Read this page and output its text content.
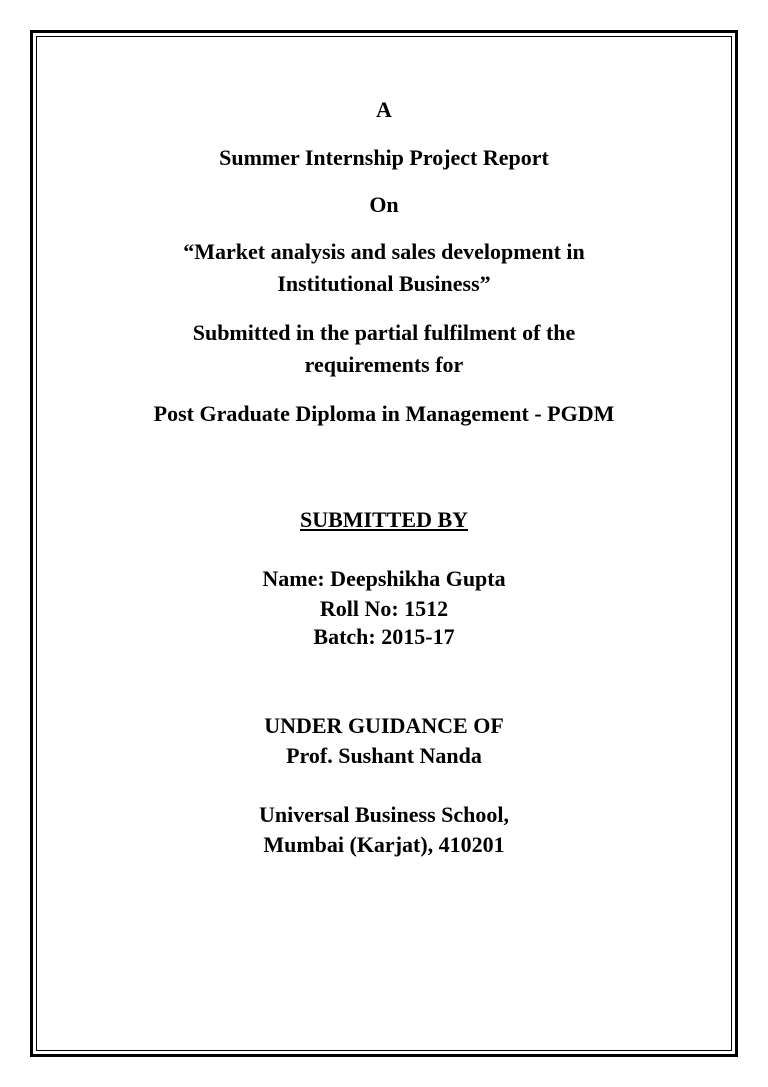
A
Summer Internship Project Report
On
“Market analysis and sales development in
Institutional Business”
Submitted in the partial fulfilment of the
requirements for
Post Graduate Diploma in Management - PGDM
SUBMITTED BY
Name: Deepshikha Gupta
Roll No: 1512
Batch: 2015-17
UNDER GUIDANCE OF
Prof. Sushant Nanda
Universal Business School,
Mumbai (Karjat), 410201
